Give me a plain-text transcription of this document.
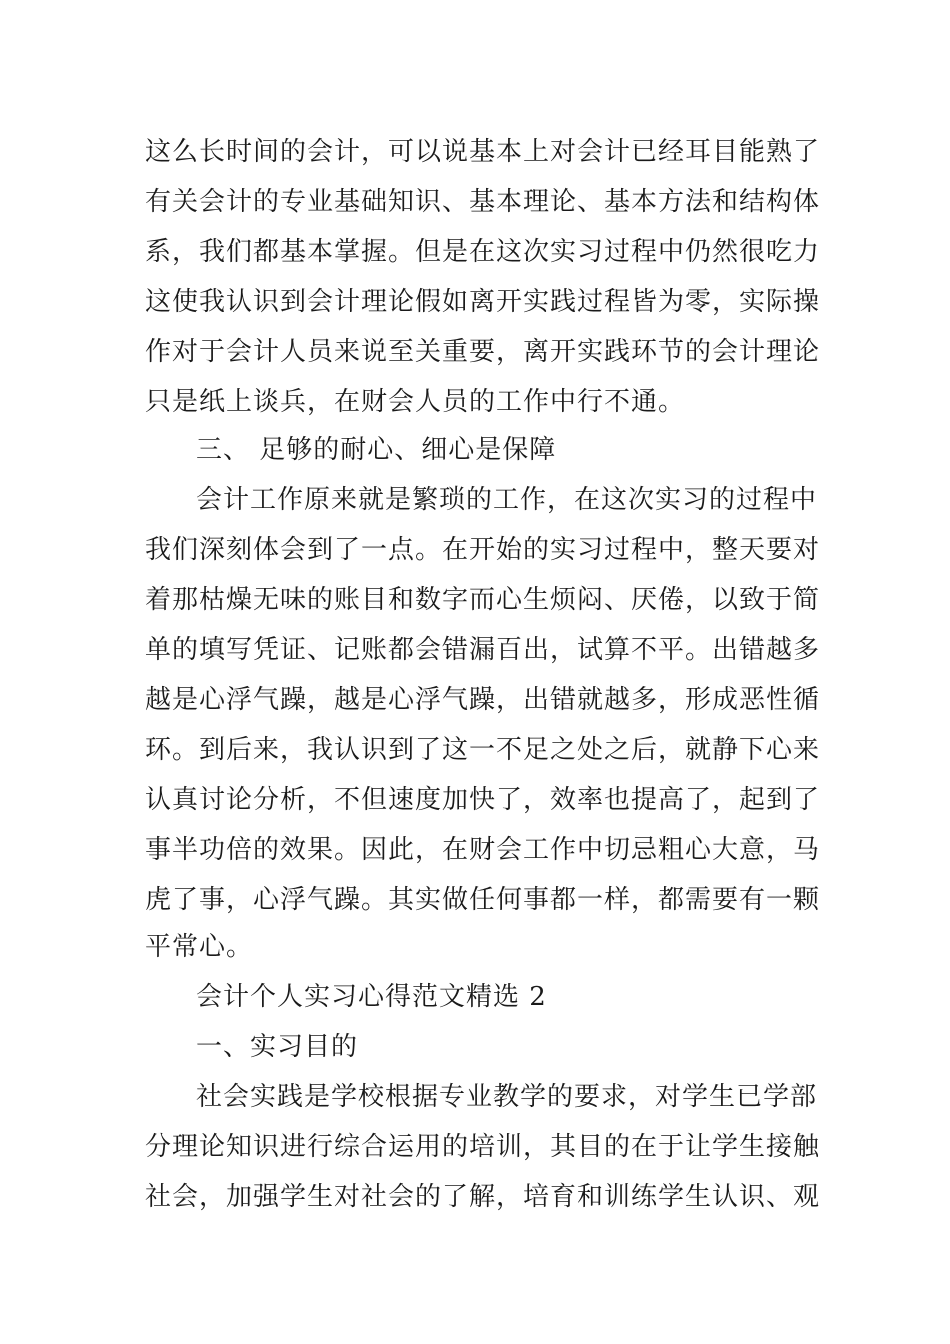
这么长时间的会计，可以说基本上对会计已经耳目能熟了
有关会计的专业基础知识、基本理论、基本方法和结构体
系，我们都基本掌握。但是在这次实习过程中仍然很吃力
这使我认识到会计理论假如离开实践过程皆为零，实际操
作对于会计人员来说至关重要，离开实践环节的会计理论
只是纸上谈兵，在财会人员的工作中行不通。
三、 足够的耐心、细心是保障
会计工作原来就是繁琐的工作，在这次实习的过程中
我们深刻体会到了一点。在开始的实习过程中，整天要对
着那枯燥无味的账目和数字而心生烦闷、厌倦，以致于简
单的填写凭证、记账都会错漏百出，试算不平。出错越多
越是心浮气躁，越是心浮气躁，出错就越多，形成恶性循
环。到后来，我认识到了这一不足之处之后，就静下心来
认真讨论分析，不但速度加快了，效率也提高了，起到了
事半功倍的效果。因此，在财会工作中切忌粗心大意，马
虎了事，心浮气躁。其实做任何事都一样，都需要有一颗
平常心。
会计个人实习心得范文精选 2
一、实习目的
社会实践是学校根据专业教学的要求，对学生已学部
分理论知识进行综合运用的培训，其目的在于让学生接触
社会，加强学生对社会的了解，培育和训练学生认识、观
